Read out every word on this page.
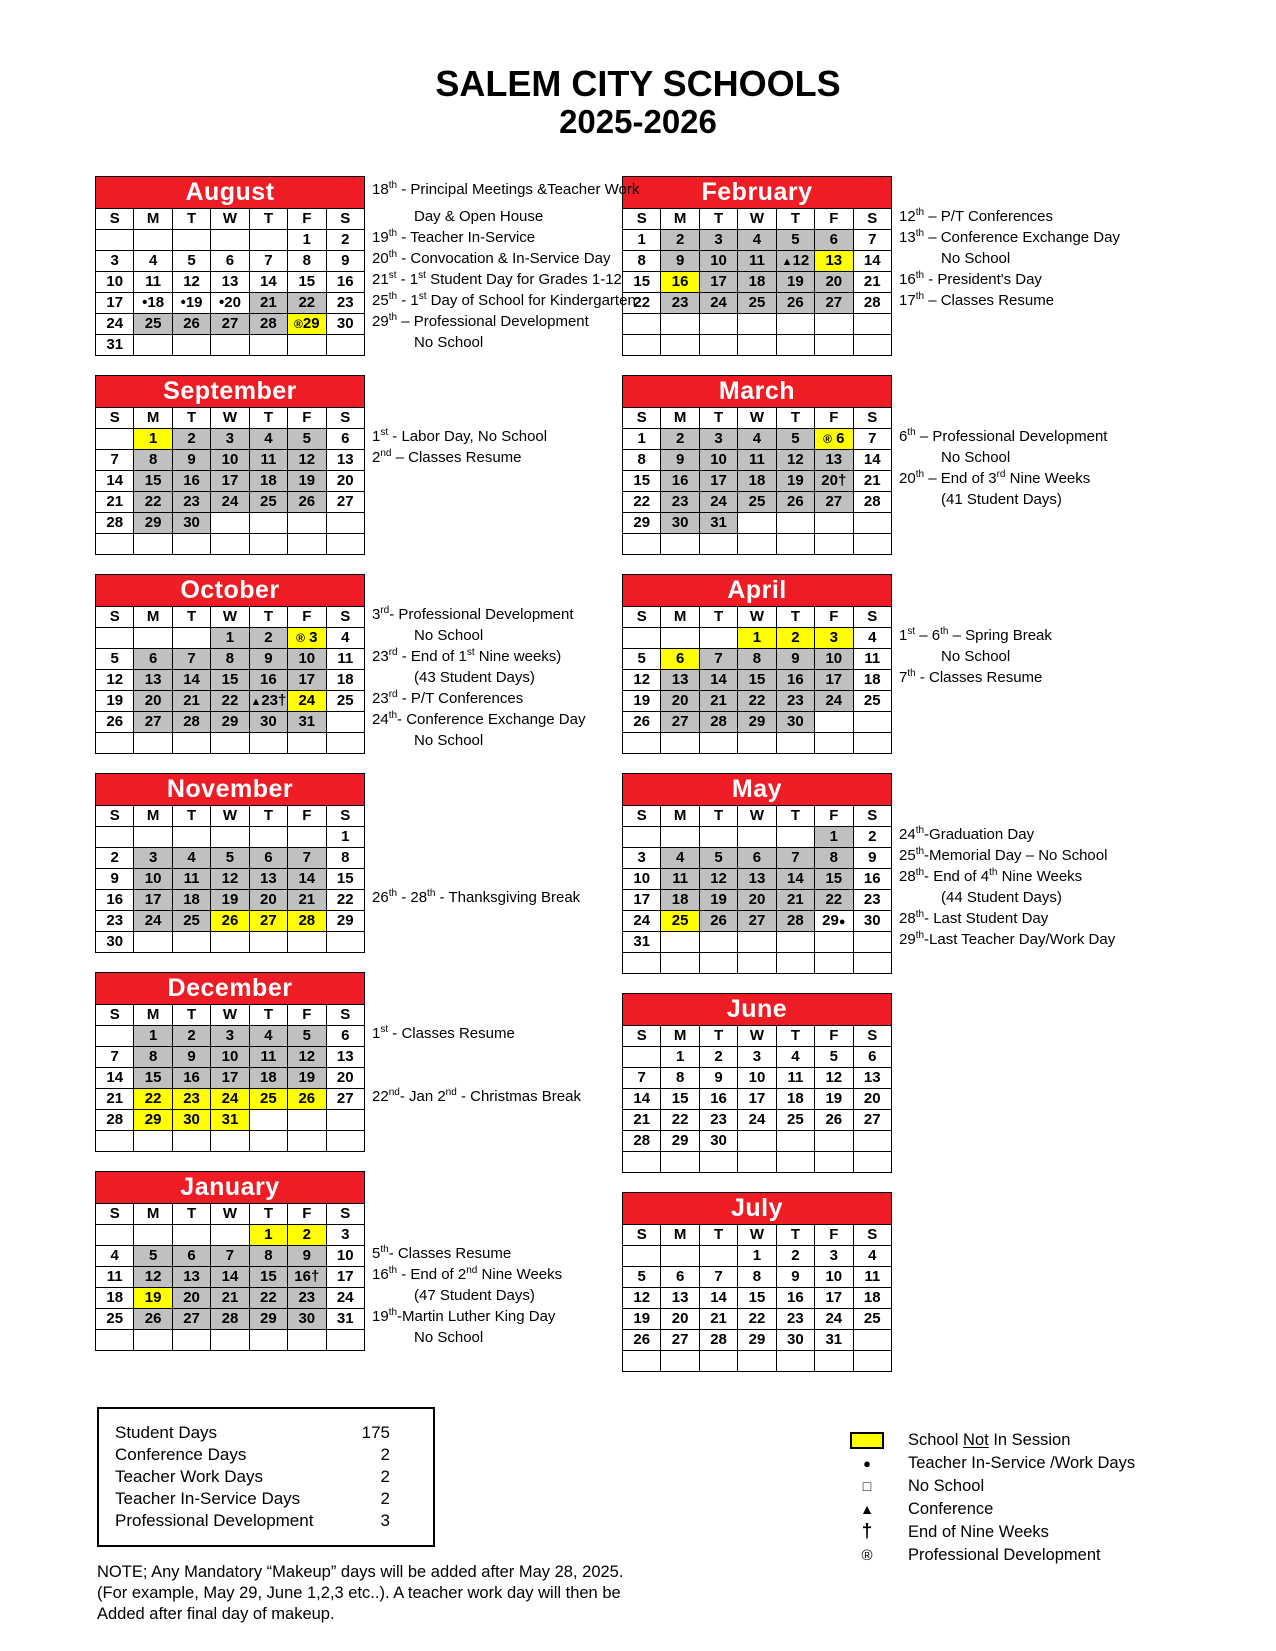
SALEM CITY SCHOOLS
2025-2026
August						
S	M	T	W	T	F	S
					1	2
3	4	5	6	7	8	9
10	11	12	13	14	15	16
17	•18	•19	•20	21	22	23
24	25	26	27	28	®29	30
31						
18th - Principal Meetings &Teacher Work
Day & Open House
19th - Teacher In-Service
20th - Convocation & In-Service Day
21st - 1st Student Day for Grades 1-12
25th - 1st Day of School for Kindergarten
29th – Professional Development
No School
September						
S	M	T	W	T	F	S
	1	2	3	4	5	6
7	8	9	10	11	12	13
14	15	16	17	18	19	20
21	22	23	24	25	26	27
28	29	30				

1st - Labor Day, No School
2nd – Classes Resume
October						
S	M	T	W	T	F	S
			1	2	® 3	4
5	6	7	8	9	10	11
12	13	14	15	16	17	18
19	20	21	22	▲23†	24	25
26	27	28	29	30	31	

3rd- Professional Development
No School
23rd - End of 1st Nine weeks)
(43 Student Days)
23rd - P/T Conferences
24th- Conference Exchange Day
No School
November						
S	M	T	W	T	F	S
						1
2	3	4	5	6	7	8
9	10	11	12	13	14	15
16	17	18	19	20	21	22
23	24	25	26	27	28	29
30						
26th - 28th - Thanksgiving Break
December						
S	M	T	W	T	F	S
	1	2	3	4	5	6
7	8	9	10	11	12	13
14	15	16	17	18	19	20
21	22	23	24	25	26	27
28	29	30	31			

1st - Classes Resume
22nd- Jan 2nd - Christmas Break
January						
S	M	T	W	T	F	S
				1	2	3
4	5	6	7	8	9	10
11	12	13	14	15	16†	17
18	19	20	21	22	23	24
25	26	27	28	29	30	31

5th- Classes Resume
16th - End of 2nd Nine Weeks
(47 Student Days)
19th-Martin Luther King Day
No School
February						
S	M	T	W	T	F	S
1	2	3	4	5	6	7
8	9	10	11	▲12	13	14
15	16	17	18	19	20	21
22	23	24	25	26	27	28

12th – P/T Conferences
13th – Conference Exchange Day
No School
16th - President's Day
17th – Classes Resume
March						
S	M	T	W	T	F	S
1	2	3	4	5	® 6	7
8	9	10	11	12	13	14
15	16	17	18	19	20†	21
22	23	24	25	26	27	28
29	30	31				

6th – Professional Development
No School
20th – End of 3rd Nine Weeks
(41 Student Days)
April						
S	M	T	W	T	F	S
			1	2	3	4
5	6	7	8	9	10	11
12	13	14	15	16	17	18
19	20	21	22	23	24	25
26	27	28	29	30		

1st – 6th – Spring Break
No School
7th - Classes Resume
May						
S	M	T	W	T	F	S
					1	2
3	4	5	6	7	8	9
10	11	12	13	14	15	16
17	18	19	20	21	22	23
24	25	26	27	28	29●	30
31						

24th-Graduation Day
25th-Memorial Day – No School
28th- End of 4th Nine Weeks
(44 Student Days)
28th- Last Student Day
29th-Last Teacher Day/Work Day
June						
S	M	T	W	T	F	S
	1	2	3	4	5	6
7	8	9	10	11	12	13
14	15	16	17	18	19	20
21	22	23	24	25	26	27
28	29	30				

July						
S	M	T	W	T	F	S
			1	2	3	4
5	6	7	8	9	10	11
12	13	14	15	16	17	18
19	20	21	22	23	24	25
26	27	28	29	30	31	

Student Days	175
Conference Days	2
Teacher Work Days	2
Teacher In-Service Days	2
Professional Development	3
NOTE; Any Mandatory “Makeup” days will be added after May 28, 2025.
(For example, May 29, June 1,2,3 etc..). A teacher work day will then be
Added after final day of makeup.
School Not In Session
●	Teacher In-Service /Work Days
□	No School
▲	Conference
†	End of Nine Weeks
®	Professional Development
